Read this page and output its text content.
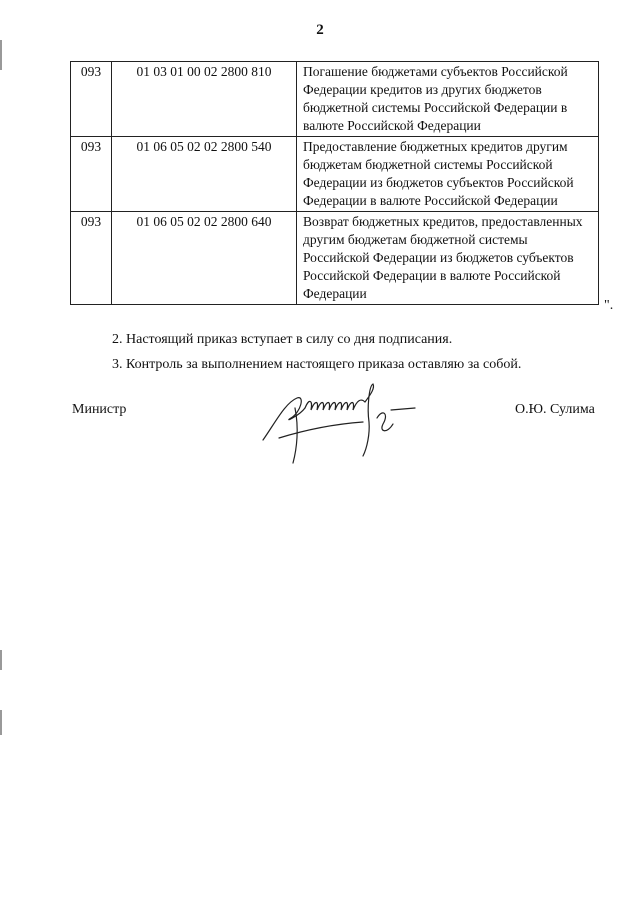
2
093	01 03 01 00 02 2800 810	Погашение бюджетами субъектов Российской Федерации кредитов из других бюджетов бюджетной системы Российской Федерации в валюте Российской Федерации
093	01 06 05 02 02 2800 540	Предоставление бюджетных кредитов другим бюджетам бюджетной системы Российской Федерации из бюджетов субъектов Российской Федерации в валюте Российской Федерации
093	01 06 05 02 02 2800 640	Возврат бюджетных кредитов, предоставленных другим бюджетам бюджетной системы Российской Федерации из бюджетов субъектов Российской Федерации в валюте Российской Федерации
".
2. Настоящий приказ вступает в силу со дня подписания.
3. Контроль за выполнением настоящего приказа оставляю за собой.
Министр	О.Ю. Сулима
